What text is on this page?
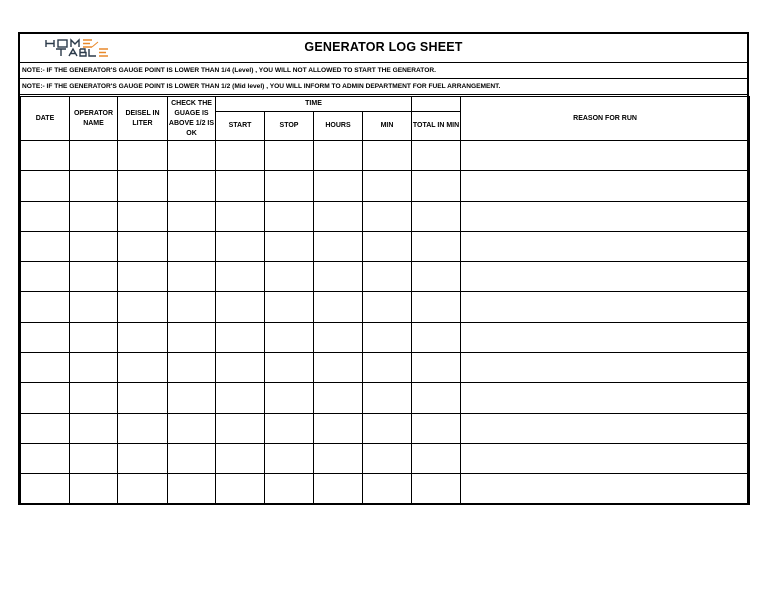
GENERATOR LOG SHEET
NOTE:- IF THE GENERATOR'S GAUGE POINT IS LOWER THAN 1/4 (Level) , YOU WILL NOT ALLOWED TO START THE GENERATOR.
NOTE:- IF THE GENERATOR'S GAUGE POINT IS LOWER THAN 1/2 (Mid level) , YOU WILL INFORM TO ADMIN DEPARTMENT FOR FUEL ARRANGEMENT.
DATE	OPERATOR NAME	DEISEL IN LITER	CHECK THE GUAGE IS ABOVE 1/2 IS OK	TIME					REASON FOR RUN
				START	STOP	HOURS	MIN	TOTAL IN MIN	
